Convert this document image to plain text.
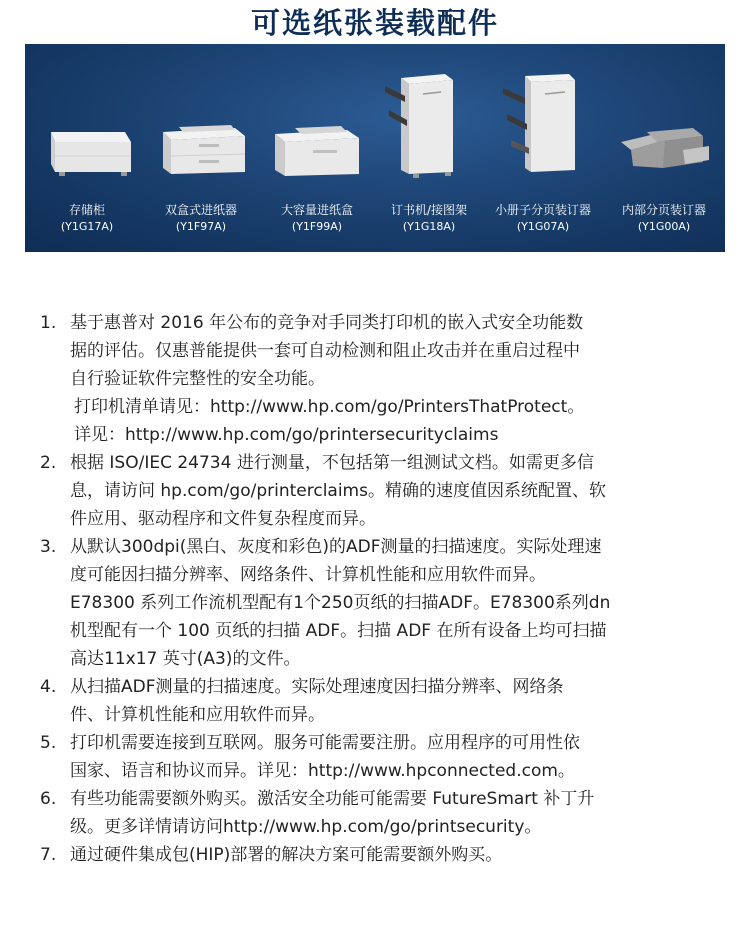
可选纸张装载配件
存储柜
(Y1G17A)
双盒式进纸器
(Y1F97A)
大容量进纸盒
(Y1F99A)
订书机/接图架
(Y1G18A)
小册子分页装订器
(Y1G07A)
内部分页装订器
(Y1G00A)
1. 基于惠普对 2016 年公布的竞争对手同类打印机的嵌入式安全功能数
据的评估。仅惠普能提供一套可自动检测和阻止攻击并在重启过程中
自行验证软件完整性的安全功能。
打印机清单请见：http://www.hp.com/go/PrintersThatProtect。
详见：http://www.hp.com/go/printersecurityclaims
2. 根据 ISO/IEC 24734 进行测量，不包括第一组测试文档。如需更多信
息，请访问 hp.com/go/printerclaims。精确的速度值因系统配置、软
件应用、驱动程序和文件复杂程度而异。
3. 从默认300dpi(黑白、灰度和彩色)的ADF测量的扫描速度。实际处理速
度可能因扫描分辨率、网络条件、计算机性能和应用软件而异。
E78300 系列工作流机型配有1个250页纸的扫描ADF。E78300系列dn
机型配有一个 100 页纸的扫描 ADF。扫描 ADF 在所有设备上均可扫描
高达11x17 英寸(A3)的文件。
4. 从扫描ADF测量的扫描速度。实际处理速度因扫描分辨率、网络条
件、计算机性能和应用软件而异。
5. 打印机需要连接到互联网。服务可能需要注册。应用程序的可用性依
国家、语言和协议而异。详见：http://www.hpconnected.com。
6. 有些功能需要额外购买。激活安全功能可能需要 FutureSmart 补丁升
级。更多详情请访问http://www.hp.com/go/printsecurity。
7. 通过硬件集成包(HIP)部署的解决方案可能需要额外购买。
